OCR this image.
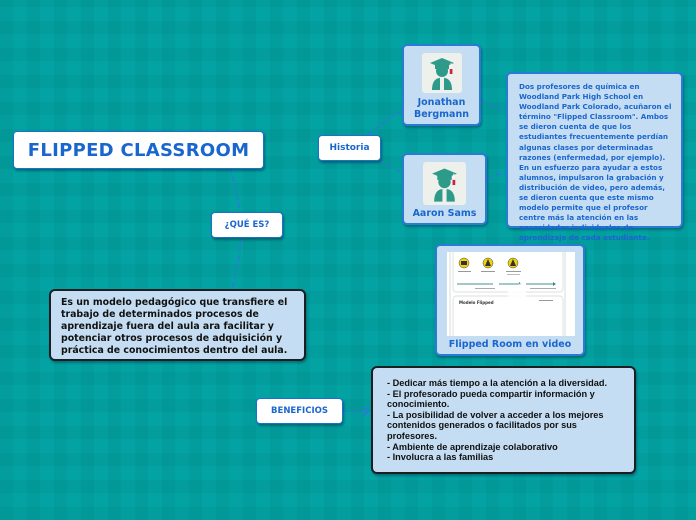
FLIPPED CLASSROOM	Historia
Jonathan
Bergmann
Aaron Sams

Dos profesores de química en Woodland Park High School en Woodland Park Colorado, acuñaron el término "Flipped Classroom". Ambos se dieron cuenta de que los estudiantes frecuentemente perdían algunas clases por determinadas razones (enfermedad, por ejemplo). En un esfuerzo para ayudar a estos alumnos, impulsaron la grabación y distribución de video, pero además, se dieron cuenta que este mismo modelo permite que el profesor centre más la atención en las necesidades individuales de aprendizaje de cada estudiante.

Modelo Flipped
Flipped Room en video
¿QUÉ ES?

Es un modelo pedagógico que transfiere el trabajo de determinados procesos de aprendizaje fuera del aula ara facilitar y potenciar otros procesos de adquisición y práctica de conocimientos dentro del aula.

BENEFICIOS
- Dedicar más tiempo a la atención a la diversidad.
- El profesorado pueda compartir información y conocimiento.
- La posibilidad de volver a acceder a los mejores contenidos generados o facilitados por sus profesores.
- Ambiente de aprendizaje colaborativo
- Involucra a las familias
